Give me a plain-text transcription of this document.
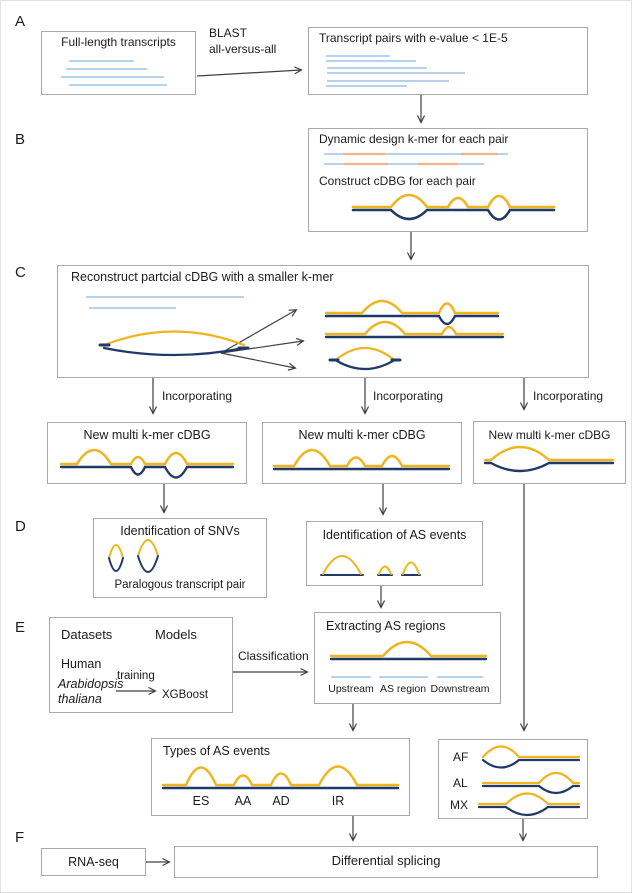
A
B
C
D
E
F
Full-length transcripts
BLAST
all-versus-all
Transcript pairs with e-value < 1E-5
Dynamic design k-mer for each pair
Construct cDBG for each pair
Reconstruct partcial cDBG with a smaller k-mer
Incorporating	Incorporating	Incorporating
New multi k-mer cDBG	New multi k-mer cDBG	New multi k-mer cDBG
Identification of SNVs
Paralogous transcript pair
Identification of AS events
Datasets	Models
Human
Arabidopsis
thaliana
training
XGBoost
Classification
Extracting AS regions
Upstream AS region Downstream
Types of AS events
ES	AA	AD	IR
AF
AL
MX
RNA-seq	Differential splicing
